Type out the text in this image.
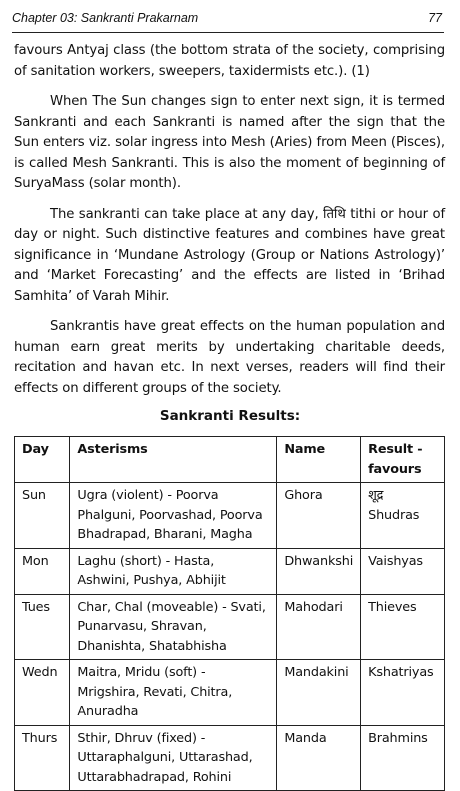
Chapter 03: Sankranti Prakarnam	77

favours Antyaj class (the bottom strata of the society, comprising of sanitation workers, sweepers, taxidermists etc.). (1)

When The Sun changes sign to enter next sign, it is termed Sankranti and each Sankranti is named after the sign that the Sun enters viz. solar ingress into Mesh (Aries) from Meen (Pisces), is called Mesh Sankranti. This is also the moment of beginning of SuryaMass (solar month).

The sankranti can take place at any day, तिथि tithi or hour of day or night. Such distinctive features and combines have great significance in ‘Mundane Astrology (Group or Nations Astrology)’ and ‘Market Forecasting’ and the effects are listed in ‘Brihad Samhita’ of Varah Mihir.

Sankrantis have great effects on the human population and human earn great merits by undertaking charitable deeds, recitation and havan etc. In next verses, readers will find their effects on different groups of the society.

Sankranti Results:
Day	Asterisms	Name	Result -favours
Sun	Ugra (violent) - Poorva Phalguni, Poorvashad, Poorva Bhadrapad, Bharani, Magha	Ghora	शूद्र Shudras
Mon	Laghu (short) - Hasta, Ashwini, Pushya, Abhijit	Dhwankshi	Vaishyas
Tues	Char, Chal (moveable) - Svati, Punarvasu, Shravan, Dhanishta, Shatabhisha	Mahodari	Thieves
Wedn	Maitra, Mridu (soft) - Mrigshira, Revati, Chitra, Anuradha	Mandakini	Kshatriyas
Thurs	Sthir, Dhruv (fixed) - Uttaraphalguni, Uttarashad, Uttarabhadrapad, Rohini	Manda	Brahmins
